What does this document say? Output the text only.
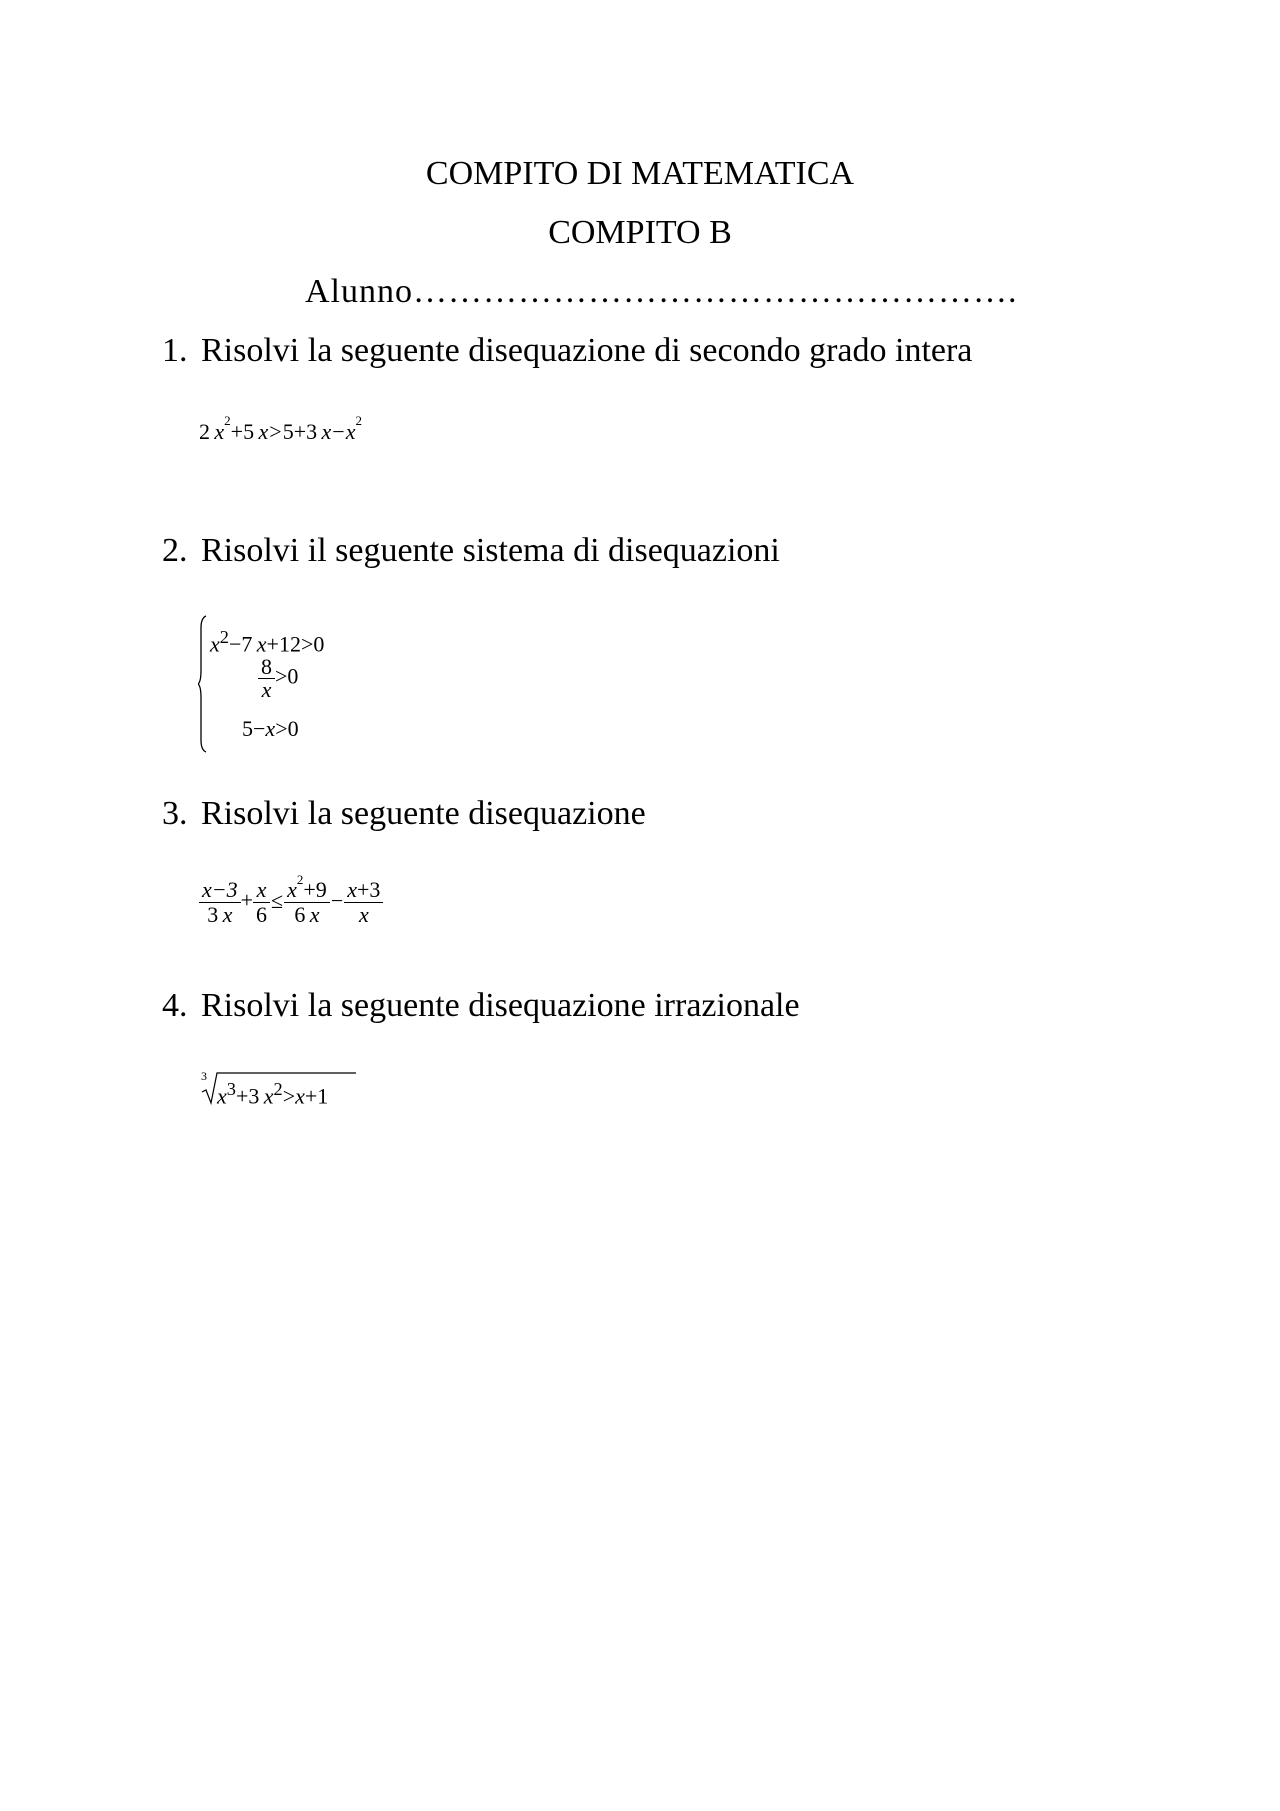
COMPITO DI MATEMATICA
COMPITO B
Alunno…………………………………………….
1. Risolvi la seguente disequazione di secondo grado intera
2  $x^2+5$  x>5+3  $x-x^2$
2. Risolvi il seguente sistema di disequazioni
$x^2-7$  x+12>0
$\frac{8}{x} >0$
5−x>0
3. Risolvi la seguente disequazione
$\frac{x-3}{3 x} + \frac{x}{6} \le \frac{x^2+9}{6 x} - \frac{x+3}{x}$
4. Risolvi la seguente disequazione irrazionale
3
$x^3+3$  $x^2>x+1$
